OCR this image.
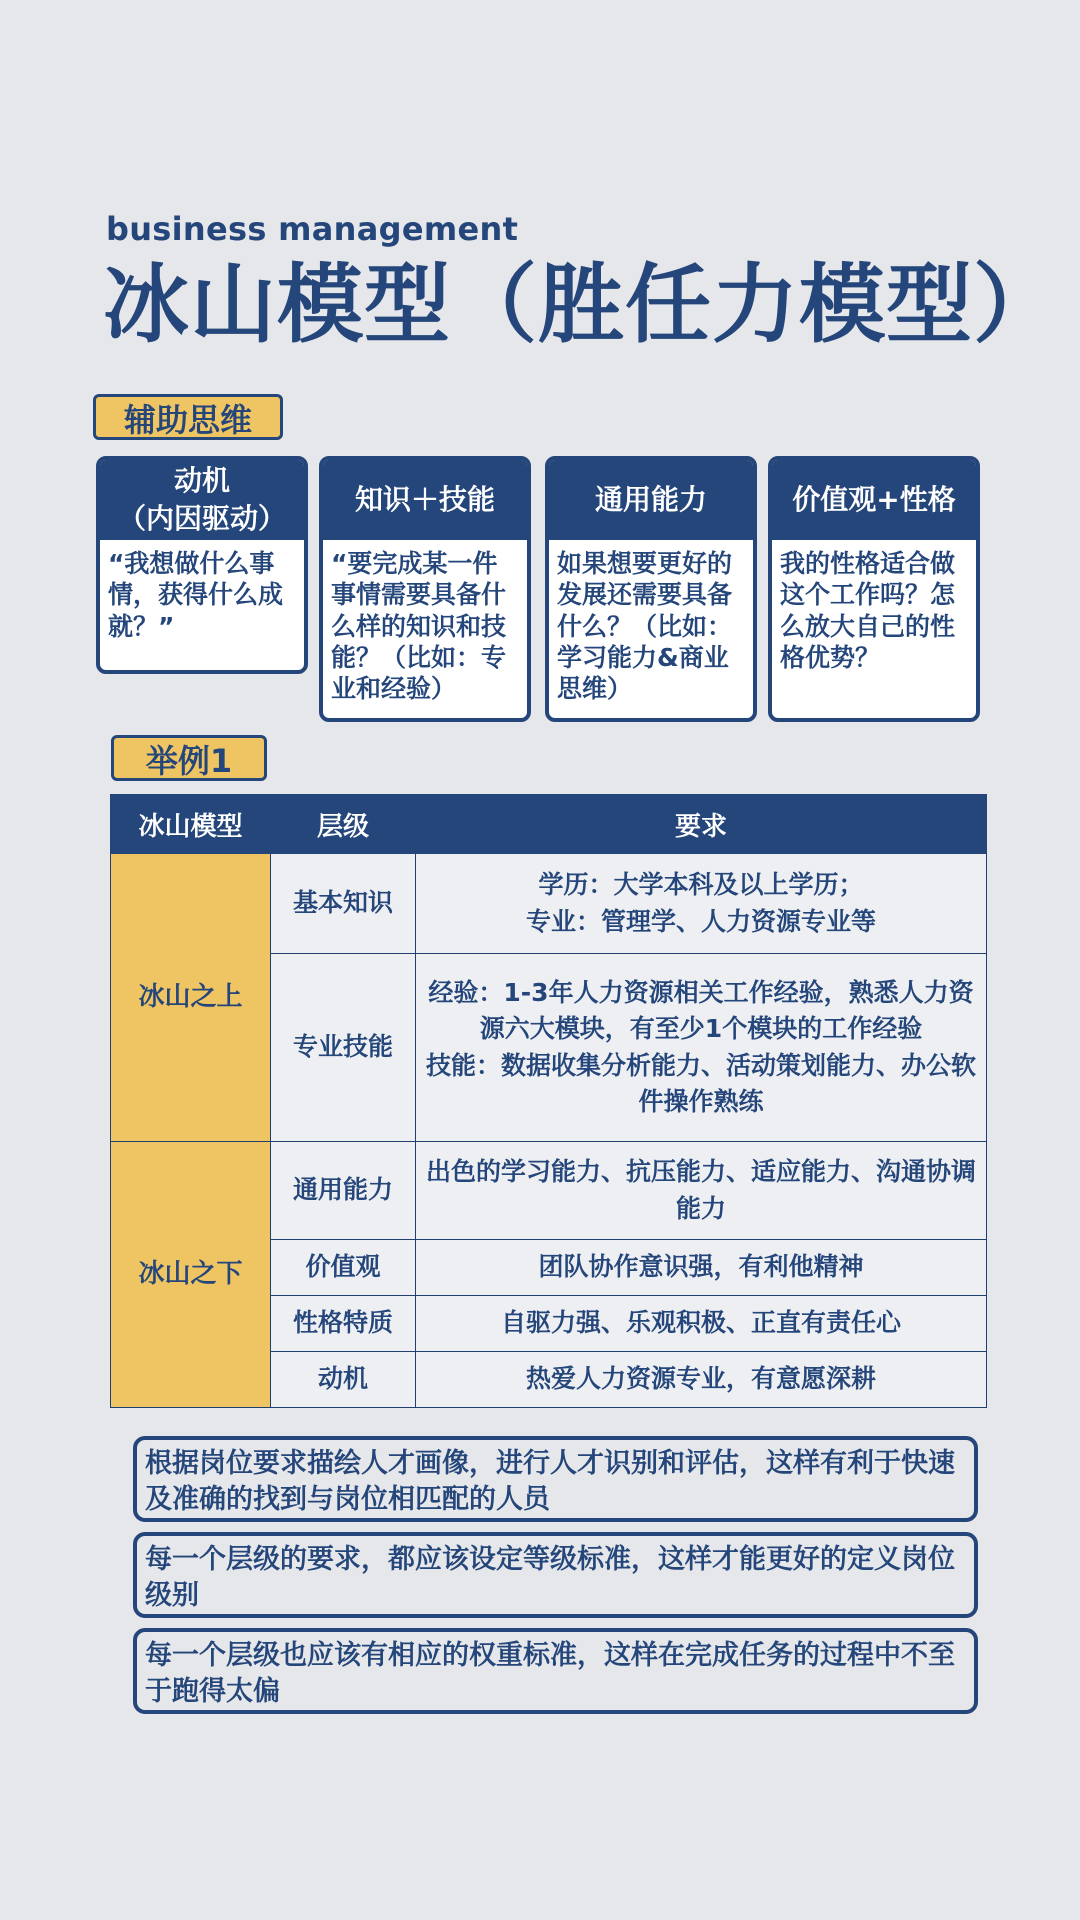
business management
冰山模型（胜任力模型）
辅助思维
动机
（内因驱动）
“我想做什么事情，获得什么成就？”
知识＋技能
“要完成某一件事情需要具备什么样的知识和技能？（比如：专业和经验）
通用能力
如果想要更好的发展还需要具备什么？（比如：学习能力&商业思维）
价值观+性格
我的性格适合做这个工作吗？怎么放大自己的性格优势？
举例1
冰山模型	层级	要求
冰山之上	基本知识	学历：大学本科及以上学历；
专业：管理学、人力资源专业等
	专业技能	经验：1-3年人力资源相关工作经验，熟悉人力资源六大模块，有至少1个模块的工作经验
技能：数据收集分析能力、活动策划能力、办公软件操作熟练
冰山之下	通用能力	出色的学习能力、抗压能力、适应能力、沟通协调能力
	价值观	团队协作意识强，有利他精神
	性格特质	自驱力强、乐观积极、正直有责任心
	动机	热爱人力资源专业，有意愿深耕
根据岗位要求描绘人才画像，进行人才识别和评估，这样有利于快速及准确的找到与岗位相匹配的人员
每一个层级的要求，都应该设定等级标准，这样才能更好的定义岗位级别
每一个层级也应该有相应的权重标准，这样在完成任务的过程中不至于跑得太偏
